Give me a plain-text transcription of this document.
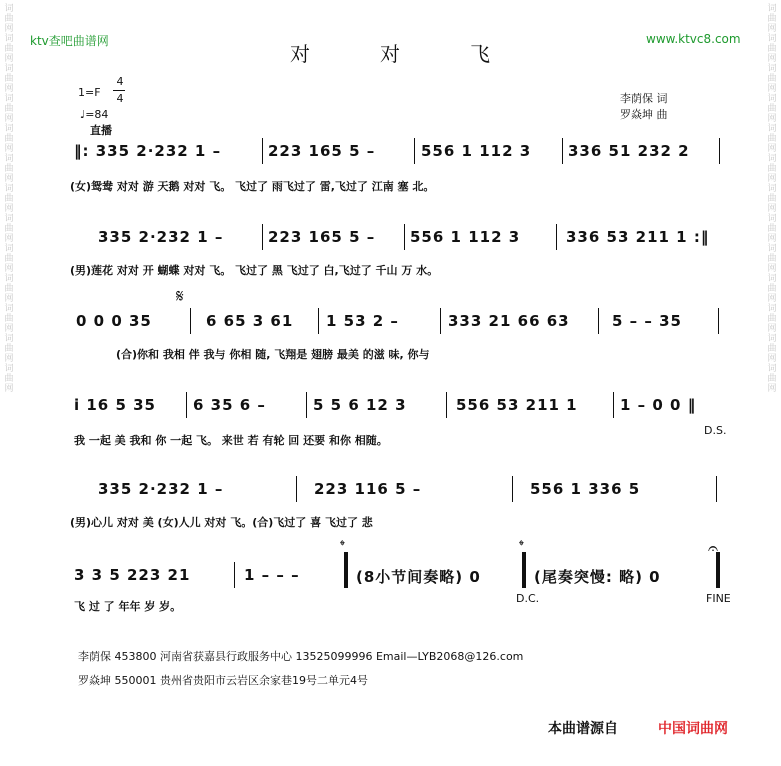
词曲网词曲网词曲网词曲网词曲网词曲网词曲网词曲网词曲网词曲网词曲网词曲网词曲网
词曲网词曲网词曲网词曲网词曲网词曲网词曲网词曲网词曲网词曲网词曲网词曲网词曲网
ktv查吧曲谱网	www.ktvc8.com
对对飞
1=F
4
4
♩=84
直播
李荫保 词
罗焱坤 曲
‖: 335 2·232 1 –	223 165 5 –	556 1 112 3 336 51 232 2
(女)鸳鸯 对对 游 天鹅 对对 飞。 飞过了 雨飞过了 雷,飞过了 江南 塞 北。
335 2·232 1 –	223 165 5 – 556 1 112 3	336 53 211 1 :‖
(男)莲花 对对 开 蝴蝶 对对 飞。 飞过了 黑 飞过了 白,飞过了 千山 万 水。
𝄋
0 0 0 35	6 65 3 61 1 53 2 –	333 21 66 63	5 – – 35
(合)你和 我相 伴 我与 你相 随, 飞翔是 翅膀 最美 的滋 味, 你与
i 16 5 35 6 35 6 –	5 5 6 12 3	556 53 211 1	1 – 0 0 ‖
D.S.
我 一起 美 我和 你 一起 飞。 来世 若 有轮 回 还要 和你 相随。
335 2·232 1 –	223 116 5 –	556 1 336 5
(男)心儿 对对 美 (女)人儿 对对 飞。(合)飞过了 喜 飞过了 悲
𝄌	𝄌	𝄐
3 3 5 223 21	1 – – –	(8小节间奏略) 0	(尾奏突慢: 略) 0
D.C.	FINE
飞 过 了 年年 岁 岁。
李荫保 453800 河南省获嘉县行政服务中心 13525099996 Email—LYB2068@126.com
罗焱坤 550001 贵州省贵阳市云岩区余家巷19号二单元4号
本曲谱源自	中国词曲网
